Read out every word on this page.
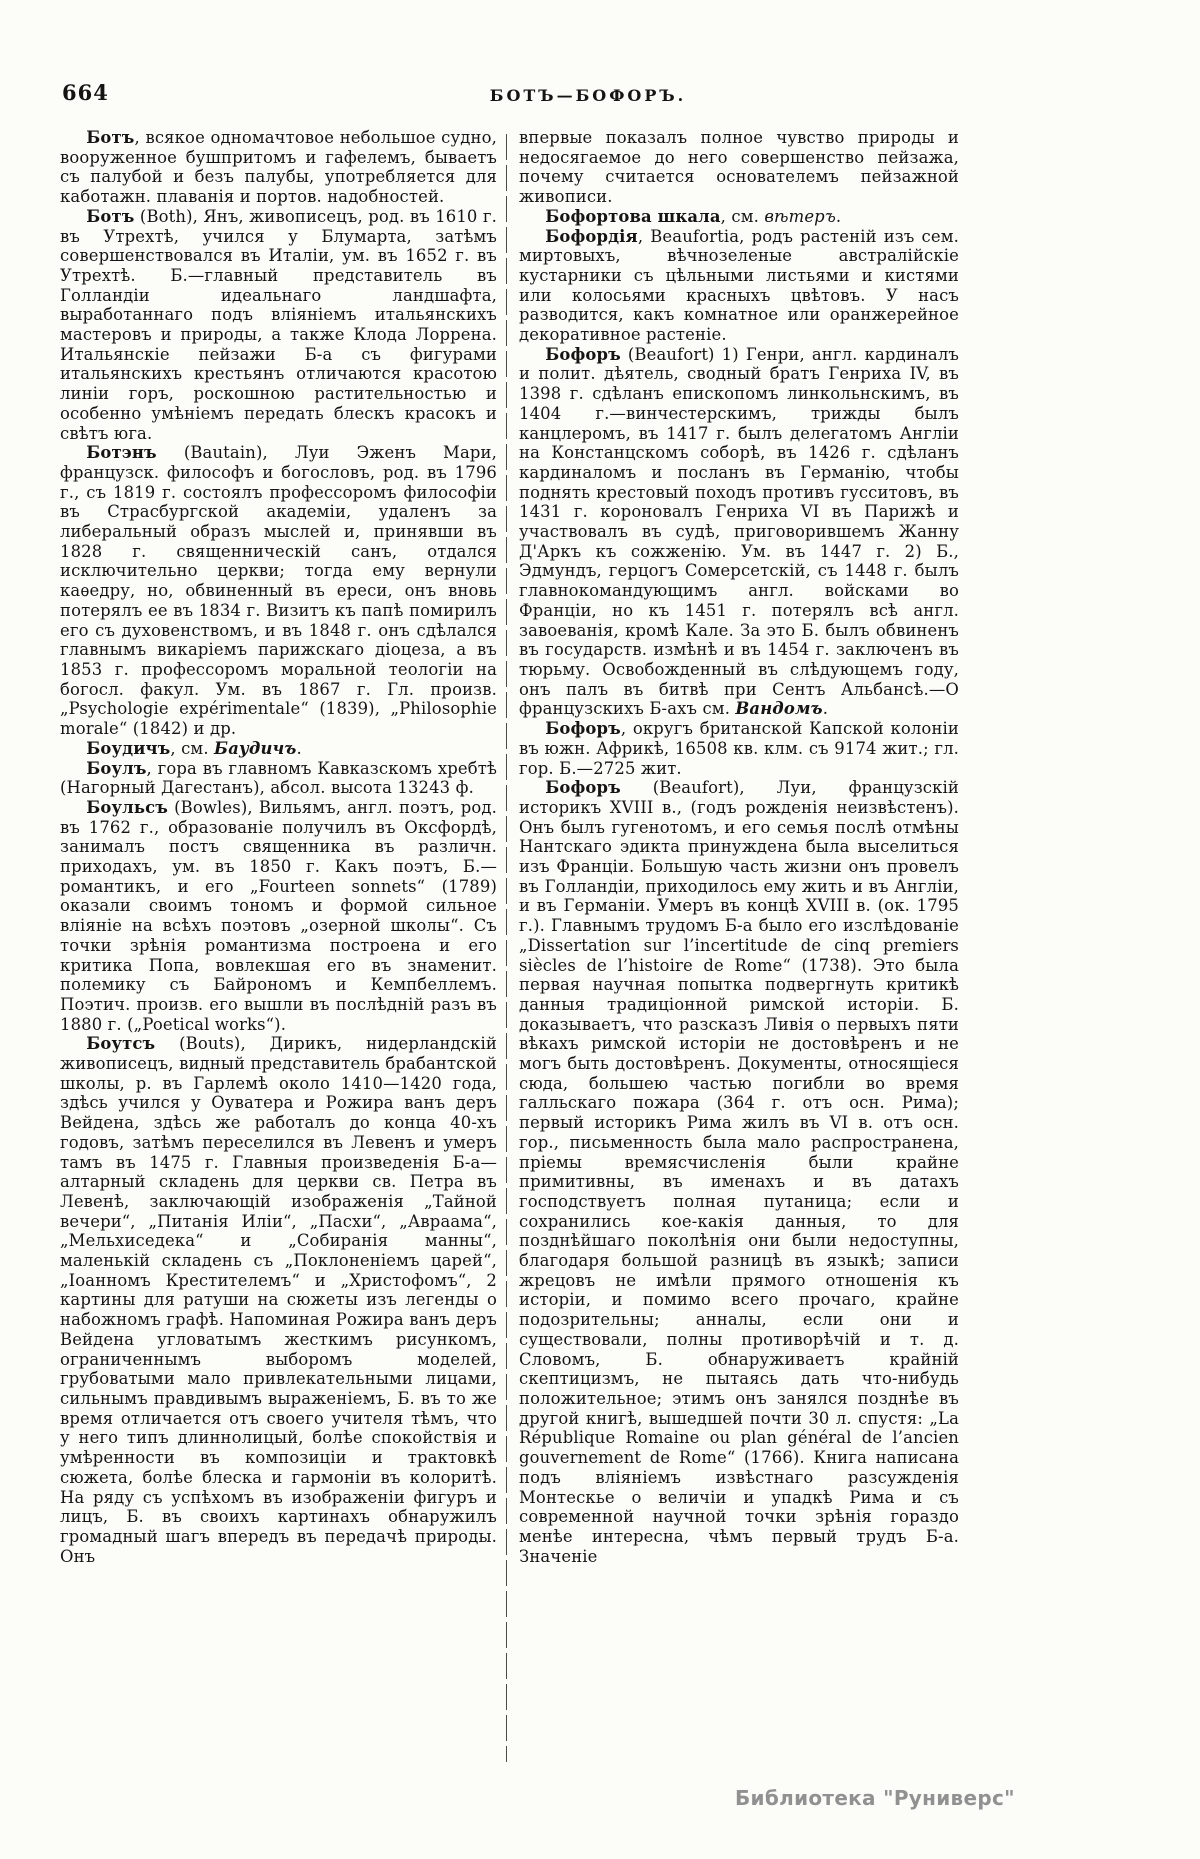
664	БОТЪ—БОФОРЪ.

Ботъ, всякое одномачтовое небольшое судно, вооруженное бушпритомъ и гафелемъ, бываетъ съ палубой и безъ палубы, употребляется для каботажн. плаванія и портов. надобностей.

Ботъ (Both), Янъ, живописецъ, род. въ 1610 г. въ Утрехтѣ, учился у Блумарта, затѣмъ совершенствовался въ Италіи, ум. въ 1652 г. въ Утрехтѣ. Б.—главный представитель въ Голландіи идеальнаго ландшафта, выработаннаго подъ вліяніемъ итальянскихъ мастеровъ и природы, а также Клода Лоррена. Итальянскіе пейзажи Б-а съ фигурами итальянскихъ крестьянъ отличаются красотою линіи горъ, роскошною растительностью и особенно умѣніемъ передать блескъ красокъ и свѣтъ юга.

Ботэнъ (Bautain), Луи Эженъ Мари, французск. философъ и богословъ, род. въ 1796 г., съ 1819 г. состоялъ профессоромъ философіи въ Страсбургской академіи, удаленъ за либеральный образъ мыслей и, принявши въ 1828 г. священническій санъ, отдался исключительно церкви; тогда ему вернули каѳедру, но, обвиненный въ ереси, онъ вновь потерялъ ее въ 1834 г. Визитъ къ папѣ помирилъ его съ духовенствомъ, и въ 1848 г. онъ сдѣлался главнымъ викаріемъ парижскаго діоцеза, а въ 1853 г. профессоромъ моральной теологіи на богосл. факул. Ум. въ 1867 г. Гл. произв. „Psychologie expérimentale“ (1839), „Philosophie morale“ (1842) и др.

Боудичъ, см. Баудичъ.

Боулъ, гора въ главномъ Кавказскомъ хребтѣ (Нагорный Дагестанъ), абсол. высота 13243 ф.

Боульсъ (Bowles), Вильямъ, англ. поэтъ, род. въ 1762 г., образованіе получилъ въ Оксфордѣ, занималъ постъ священника въ различн. приходахъ, ум. въ 1850 г. Какъ поэтъ, Б.—романтикъ, и его „Fourteen sonnets“ (1789) оказали своимъ тономъ и формой сильное вліяніе на всѣхъ поэтовъ „озерной школы“. Съ точки зрѣнія романтизма построена и его критика Попа, вовлекшая его въ знаменит. полемику съ Байрономъ и Кемпбеллемъ. Поэтич. произв. его вышли въ послѣдній разъ въ 1880 г. („Poetical works“).

Боутсъ (Bouts), Дирикъ, нидерландскій живописецъ, видный представитель брабантской школы, р. въ Гарлемѣ около 1410—1420 года, здѣсь учился у Оуватера и Рожира ванъ деръ Вейдена, здѣсь же работалъ до конца 40-хъ годовъ, затѣмъ переселился въ Левенъ и умеръ тамъ въ 1475 г. Главныя произведенія Б-а—алтарный складень для церкви св. Петра въ Левенѣ, заключающій изображенія „Тайной вечери“, „Питанія Иліи“, „Пасхи“, „Авраама“, „Мельхиседека“ и „Собиранія манны“, маленькій складень съ „Поклоненіемъ царей“, „Іоанномъ Крестителемъ“ и „Христофомъ“, 2 картины для ратуши на сюжеты изъ легенды о набожномъ графѣ. Напоминая Рожира ванъ деръ Вейдена угловатымъ жесткимъ рисункомъ, ограниченнымъ выборомъ моделей, грубоватыми мало привлекательными лицами, сильнымъ правдивымъ выраженіемъ, Б. въ то же время отличается отъ своего учителя тѣмъ, что у него типъ длиннолицый, болѣе спокойствія и умѣренности въ композиціи и трактовкѣ сюжета, болѣе блеска и гармоніи въ колоритѣ. На ряду съ успѣхомъ въ изображеніи фигуръ и лицъ, Б. въ своихъ картинахъ обнаружилъ громадный шагъ впередъ въ передачѣ природы. Онъ

впервые показалъ полное чувство природы и недосягаемое до него совершенство пейзажа, почему считается основателемъ пейзажной живописи.

Бофортова шкала, см. вѣтеръ.

Бофордія, Beaufortia, родъ растеній изъ сем. миртовыхъ, вѣчнозеленые австралійскіе кустарники съ цѣльными листьями и кистями или колосьями красныхъ цвѣтовъ. У насъ разводится, какъ комнатное или оранжерейное декоративное растеніе.

Бофоръ (Beaufort) 1) Генри, англ. кардиналъ и полит. дѣятель, сводный братъ Генриха IV, въ 1398 г. сдѣланъ епископомъ линкольнскимъ, въ 1404 г.—винчестерскимъ, трижды былъ канцлеромъ, въ 1417 г. былъ делегатомъ Англіи на Констанцскомъ соборѣ, въ 1426 г. сдѣланъ кардиналомъ и посланъ въ Германію, чтобы поднять крестовый походъ противъ гусситовъ, въ 1431 г. короновалъ Генриха VI въ Парижѣ и участвовалъ въ судѣ, приговорившемъ Жанну Д'Аркъ къ сожженію. Ум. въ 1447 г. 2) Б., Эдмундъ, герцогъ Сомерсетскій, съ 1448 г. былъ главнокомандующимъ англ. войсками во Франціи, но къ 1451 г. потерялъ всѣ англ. завоеванія, кромѣ Кале. За это Б. былъ обвиненъ въ государств. измѣнѣ и въ 1454 г. заключенъ въ тюрьму. Освобожденный въ слѣдующемъ году, онъ палъ въ битвѣ при Сентъ Альбансѣ.—О французскихъ Б-ахъ см. Вандомъ.

Бофоръ, округъ британской Капской колоніи въ южн. Африкѣ, 16508 кв. клм. съ 9174 жит.; гл. гор. Б.—2725 жит.

Бофоръ (Beaufort), Луи, французскій историкъ XVIII в., (годъ рожденія неизвѣстенъ). Онъ былъ гугенотомъ, и его семья послѣ отмѣны Нантскаго эдикта принуждена была выселиться изъ Франціи. Большую часть жизни онъ провелъ въ Голландіи, приходилось ему жить и въ Англіи, и въ Германіи. Умеръ въ концѣ XVIII в. (ок. 1795 г.). Главнымъ трудомъ Б-а было его изслѣдованіе „Dissertation sur l’incertitude de cinq premiers siècles de l’histoire de Rome“ (1738). Это была первая научная попытка подвергнуть критикѣ данныя традиціонной римской исторіи. Б. доказываетъ, что разсказъ Ливія о первыхъ пяти вѣкахъ римской исторіи не достовѣренъ и не могъ быть достовѣренъ. Документы, относящіеся сюда, большею частью погибли во время галльскаго пожара (364 г. отъ осн. Рима); первый историкъ Рима жилъ въ VI в. отъ осн. гор., письменность была мало распространена, пріемы времясчисленія были крайне примитивны, въ именахъ и въ датахъ господствуетъ полная путаница; если и сохранились кое-какія данныя, то для позднѣйшаго поколѣнія они были недоступны, благодаря большой разницѣ въ языкѣ; записи жрецовъ не имѣли прямого отношенія къ исторіи, и помимо всего прочаго, крайне подозрительны; анналы, если они и существовали, полны противорѣчій и т. д. Словомъ, Б. обнаруживаетъ крайній скептицизмъ, не пытаясь дать что-нибудь положительное; этимъ онъ занялся позднѣе въ другой книгѣ, вышедшей почти 30 л. спустя: „La République Romaine ou plan général de l’ancien gouvernement de Rome“ (1766). Книга написана подъ вліяніемъ извѣстнаго разсужденія Монтескье о величіи и упадкѣ Рима и съ современной научной точки зрѣнія гораздо менѣе интересна, чѣмъ первый трудъ Б-а. Значеніе

Библиотека "Руниверс"
